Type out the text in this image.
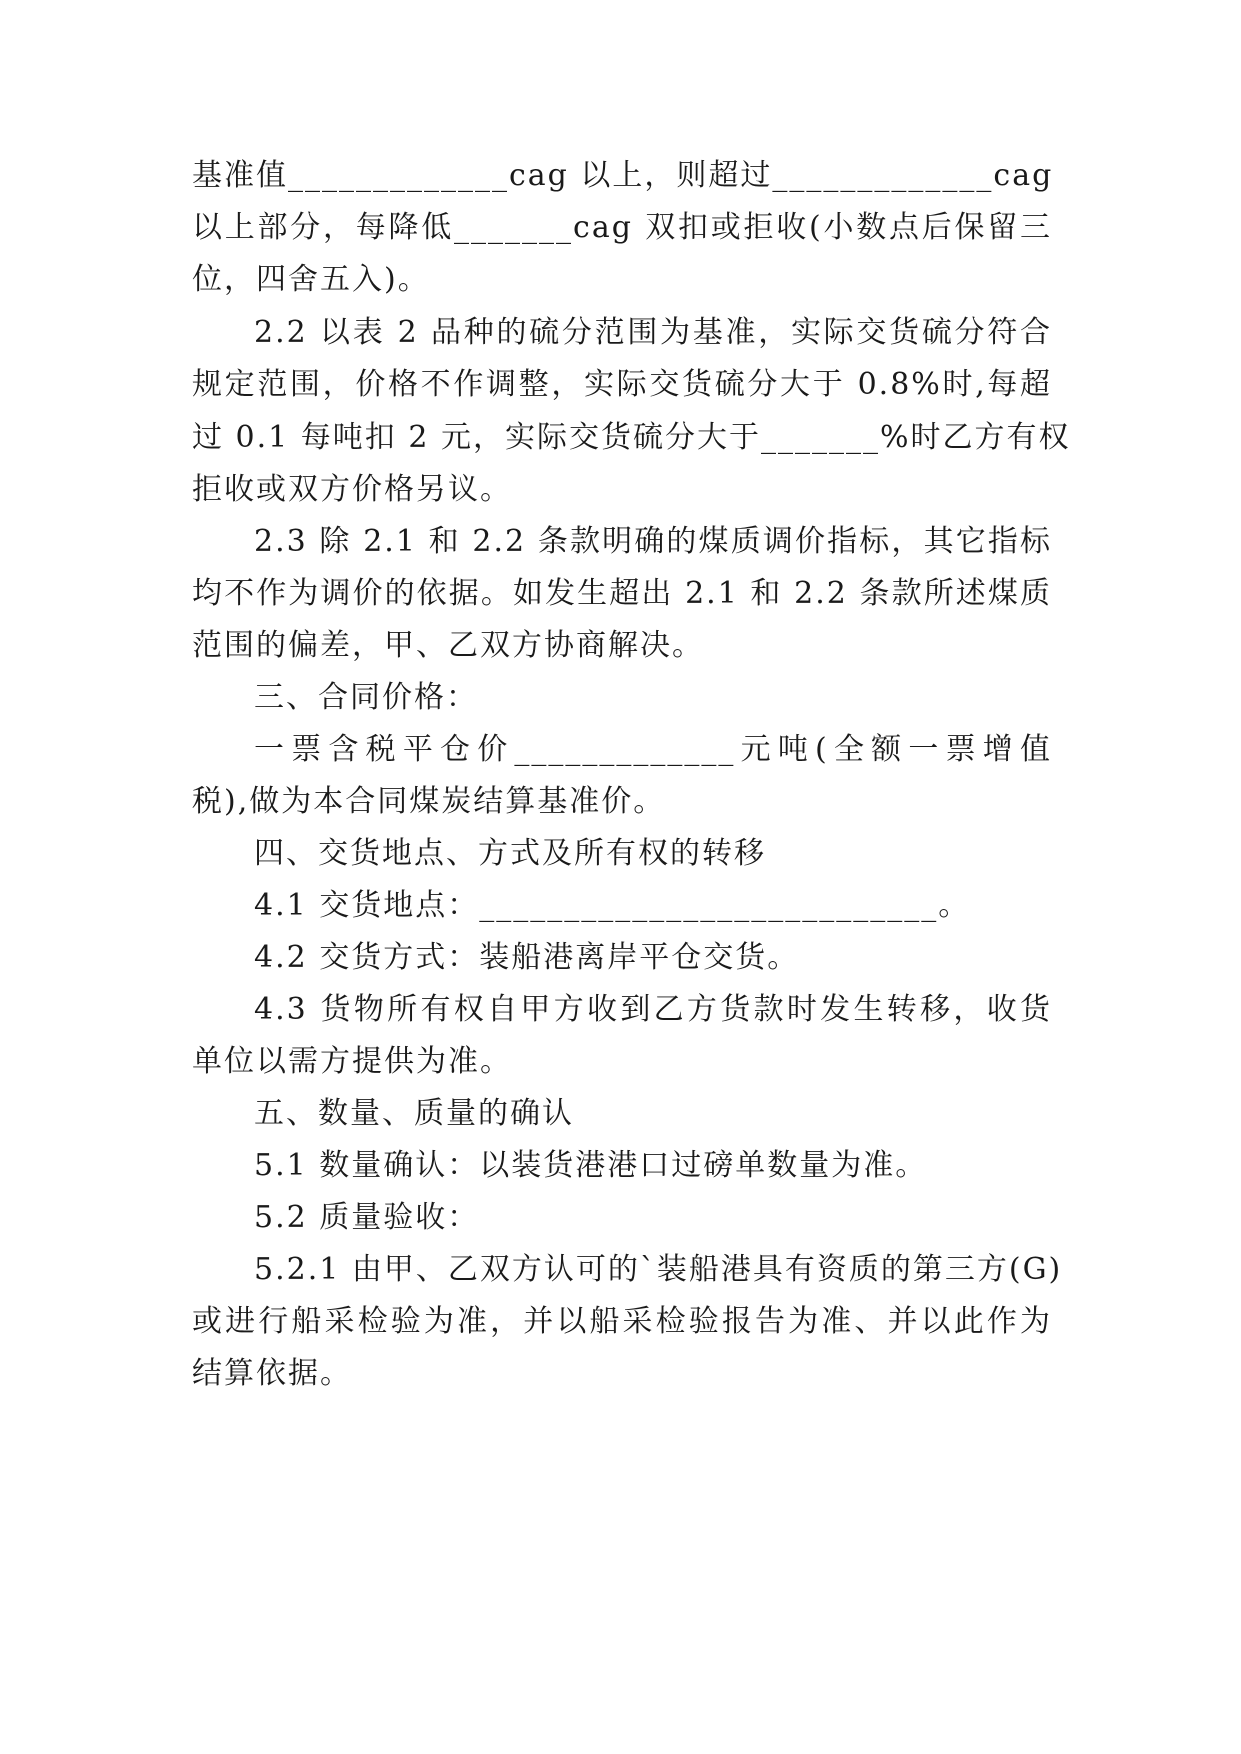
基准值_____________cag 以上，则超过_____________cag
以上部分，每降低_______cag 双扣或拒收(小数点后保留三
位，四舍五入)。
2.2 以表 2 品种的硫分范围为基准，实际交货硫分符合
规定范围，价格不作调整，实际交货硫分大于 0.8%时,每超
过 0.1 每吨扣 2 元，实际交货硫分大于_______%时乙方有权
拒收或双方价格另议。
2.3 除 2.1 和 2.2 条款明确的煤质调价指标，其它指标
均不作为调价的依据。如发生超出 2.1 和 2.2 条款所述煤质
范围的偏差，甲、乙双方协商解决。
三、合同价格：
一票含税平仓价_____________元吨(全额一票增值
税),做为本合同煤炭结算基准价。
四、交货地点、方式及所有权的转移
4.1 交货地点：___________________________。
4.2 交货方式：装船港离岸平仓交货。
4.3 货物所有权自甲方收到乙方货款时发生转移，收货
单位以需方提供为准。
五、数量、质量的确认
5.1 数量确认：以装货港港口过磅单数量为准。
5.2 质量验收：
5.2.1 由甲、乙双方认可的`装船港具有资质的第三方(G)
或进行船采检验为准，并以船采检验报告为准、并以此作为
结算依据。
